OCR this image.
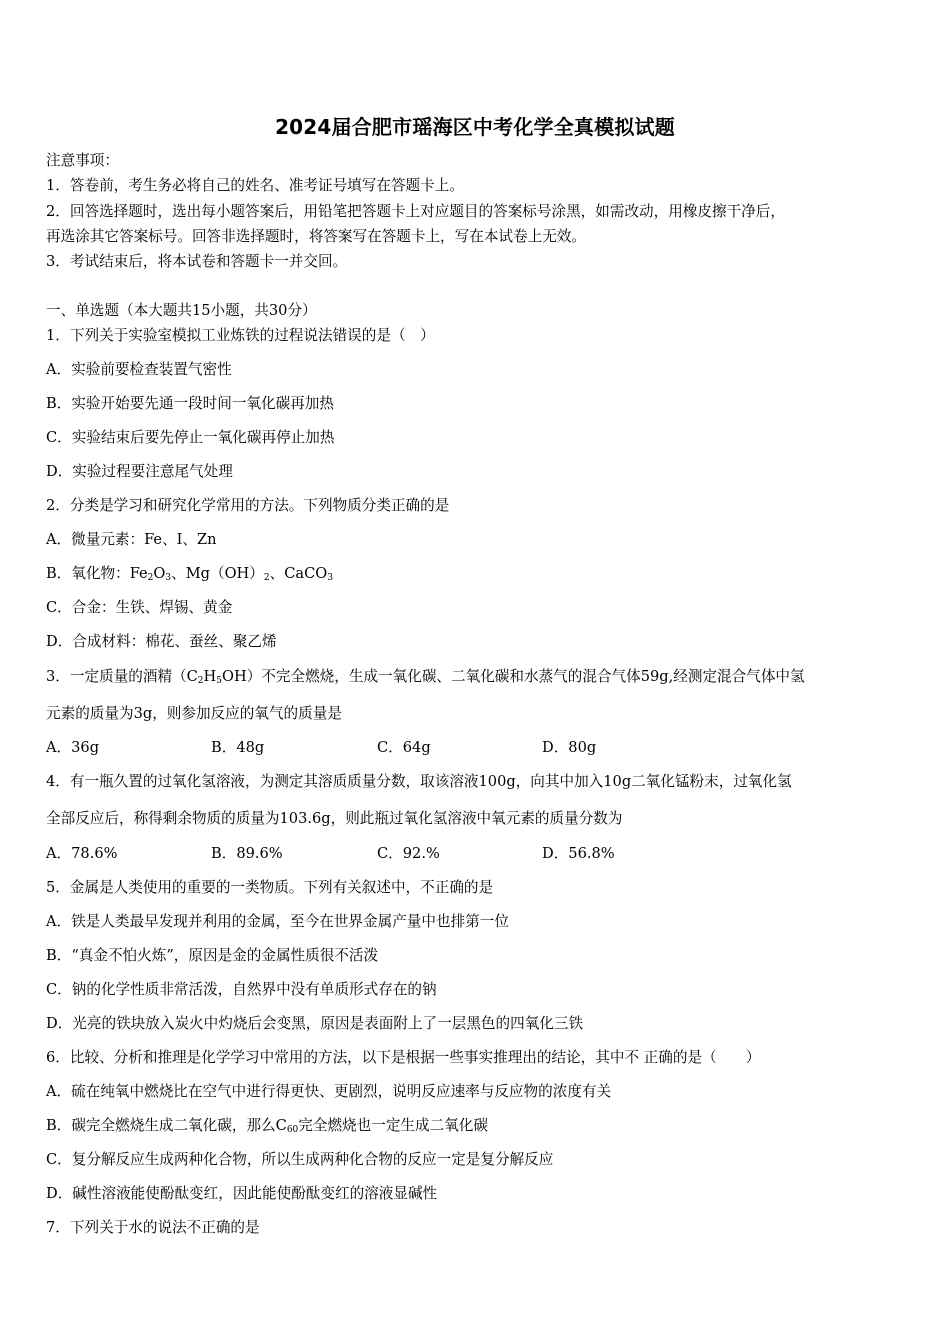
2024届合肥市瑶海区中考化学全真模拟试题
注意事项：
1．答卷前，考生务必将自己的姓名、准考证号填写在答题卡上。
2．回答选择题时，选出每小题答案后，用铅笔把答题卡上对应题目的答案标号涂黑，如需改动，用橡皮擦干净后，
再选涂其它答案标号。回答非选择题时，将答案写在答题卡上，写在本试卷上无效。
3．考试结束后，将本试卷和答题卡一并交回。
一、单选题（本大题共15小题，共30分）
1．下列关于实验室模拟工业炼铁的过程说法错误的是（　）
A．实验前要检查装置气密性
B．实验开始要先通一段时间一氧化碳再加热
C．实验结束后要先停止一氧化碳再停止加热
D．实验过程要注意尾气处理
2．分类是学习和研究化学常用的方法。下列物质分类正确的是
A．微量元素：Fe、I、Zn
B．氧化物：$Fe_2O_3$、$Mg(OH)_2$、CaCO$_3$
C．合金：生铁、焊锡、黄金
D．合成材料：棉花、蚕丝、聚乙烯
3．一定质量的酒精$(C_2H_5OH)$不完全燃烧，生成一氧化碳、二氧化碳和水蒸气的混合气体59g,经测定混合气体中氢
元素的质量为3g，则参加反应的氧气的质量是
A．36g	B．48g	C．64g	D．80g
4．有一瓶久置的过氧化氢溶液，为测定其溶质质量分数，取该溶液100g，向其中加入10g二氧化锰粉末，过氧化氢
全部反应后，称得剩余物质的质量为103.6g，则此瓶过氧化氢溶液中氧元素的质量分数为
A．78.6%	B．89.6%	C．92.%	D．56.8%
5．金属是人类使用的重要的一类物质。下列有关叙述中，不正确的是
A．铁是人类最早发现并利用的金属，至今在世界金属产量中也排第一位
B．“真金不怕火炼”，原因是金的金属性质很不活泼
C．钠的化学性质非常活泼，自然界中没有单质形式存在的钠
D．光亮的铁块放入炭火中灼烧后会变黑，原因是表面附上了一层黑色的四氧化三铁
6．比较、分析和推理是化学学习中常用的方法，以下是根据一些事实推理出的结论，其中不 正确的是（　　）
A．硫在纯氧中燃烧比在空气中进行得更快、更剧烈，说明反应速率与反应物的浓度有关
B．碳完全燃烧生成二氧化碳，那么$C_{60}$完全燃烧也一定生成二氧化碳
C．复分解反应生成两种化合物，所以生成两种化合物的反应一定是复分解反应
D．碱性溶液能使酚酞变红，因此能使酚酞变红的溶液显碱性
7．下列关于水的说法不正确的是
